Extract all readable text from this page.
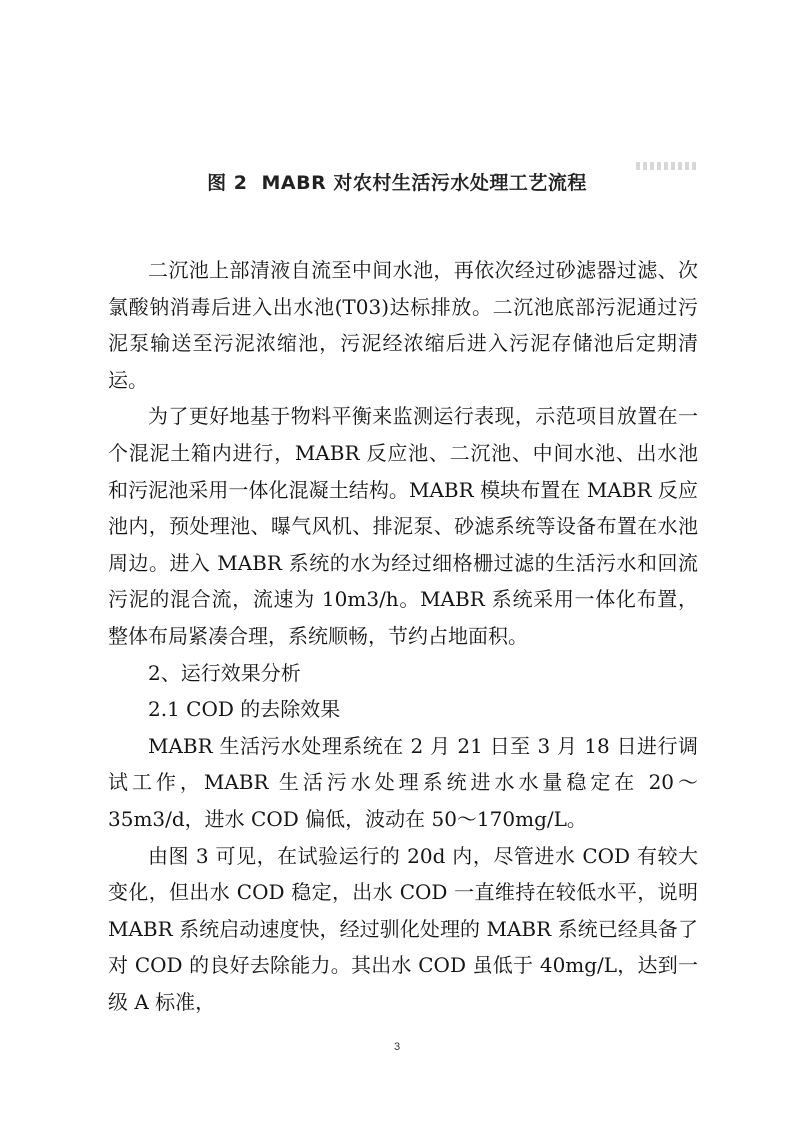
图 2 MABR 对农村生活污水处理工艺流程

二沉池上部清液自流至中间水池，再依次经过砂滤器过滤、次氯酸钠消毒后进入出水池(T03)达标排放。二沉池底部污泥通过污泥泵输送至污泥浓缩池，污泥经浓缩后进入污泥存储池后定期清运。

为了更好地基于物料平衡来监测运行表现，示范项目放置在一个混泥土箱内进行，MABR 反应池、二沉池、中间水池、出水池和污泥池采用一体化混凝土结构。MABR 模块布置在 MABR 反应池内，预处理池、曝气风机、排泥泵、砂滤系统等设备布置在水池周边。进入 MABR 系统的水为经过细格栅过滤的生活污水和回流污泥的混合流，流速为 10m3/h。MABR 系统采用一体化布置，整体布局紧凑合理，系统顺畅，节约占地面积。

2、运行效果分析

2.1 COD 的去除效果

MABR 生活污水处理系统在 2 月 21 日至 3 月 18 日进行调试工作，MABR 生活污水处理系统进水水量稳定在 20～35m3/d，进水 COD 偏低，波动在 50～170mg/L。

由图 3 可见，在试验运行的 20d 内，尽管进水 COD 有较大变化，但出水 COD 稳定，出水 COD 一直维持在较低水平，说明 MABR 系统启动速度快，经过驯化处理的 MABR 系统已经具备了对 COD 的良好去除能力。其出水 COD 虽低于 40mg/L，达到一级 A 标准，

3
